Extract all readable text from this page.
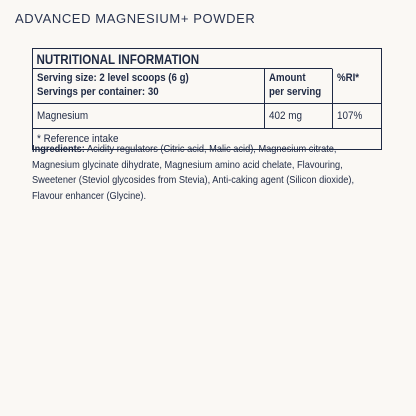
ADVANCED MAGNESIUM+ POWDER
NUTRITIONAL INFORMATION
Serving size: 2 level scoops (6 g)
Servings per container: 30
Amount
per serving
%RI*
Magnesium	402 mg	107%
* Reference intake
Ingredients: Acidity regulators (Citric acid, Malic acid), Magnesium citrate, Magnesium glycinate dihydrate, Magnesium amino acid chelate, Flavouring, Sweetener (Steviol glycosides from Stevia), Anti-caking agent (Silicon dioxide), Flavour enhancer (Glycine).
